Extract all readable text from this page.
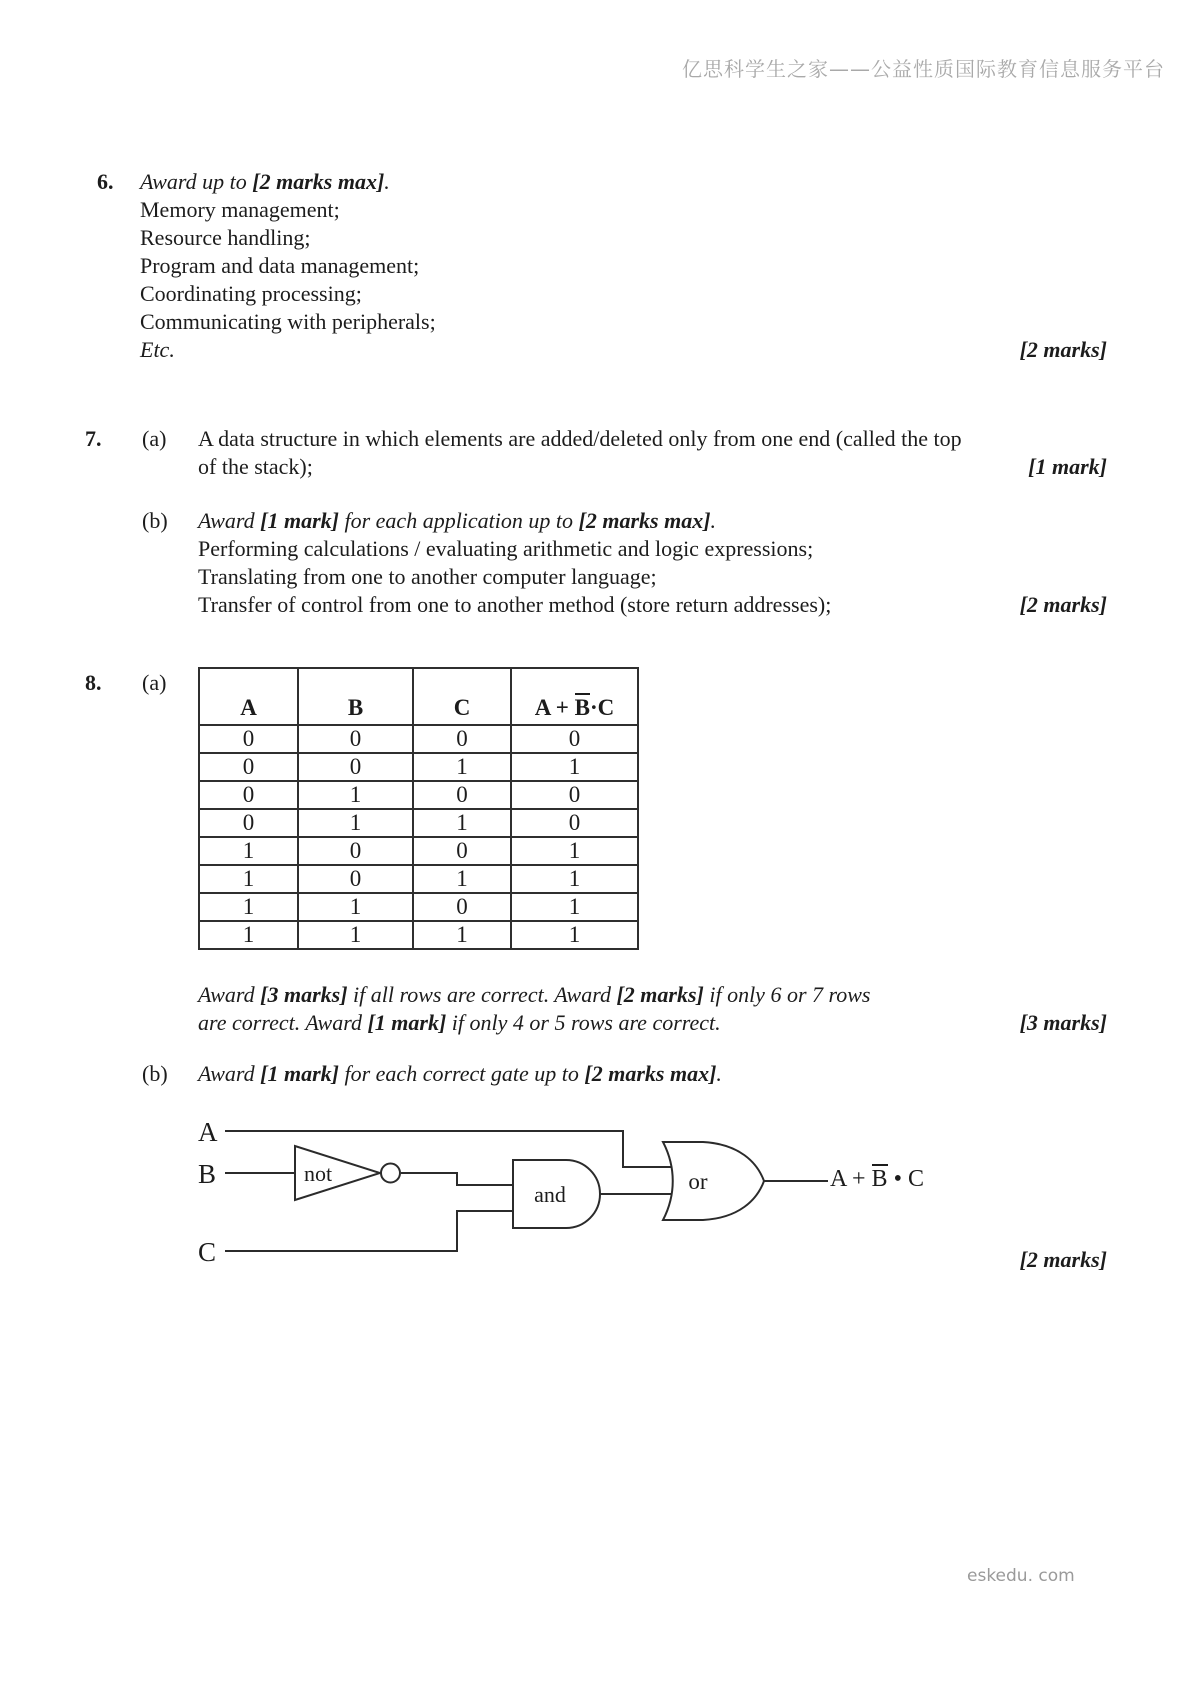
亿思科学生之家——公益性质国际教育信息服务平台
6. Award up to [2 marks max].
Memory management;
Resource handling;
Program and data management;
Coordinating processing;
Communicating with peripherals;
Etc.	[2 marks]
7. (a) A data structure in which elements are added/deleted only from one end (called the top
of the stack);	[1 mark]
(b) Award [1 mark] for each application up to [2 marks max].
Performing calculations / evaluating arithmetic and logic expressions;
Translating from one to another computer language;
Transfer of control from one to another method (store return addresses);	[2 marks]
8. (a)
A	B	C	A + B·C
0	0	0	0
0	0	1	1
0	1	0	0
0	1	1	0
1	0	0	1
1	0	1	1
1	1	0	1
1	1	1	1
Award [3 marks] if all rows are correct. Award [2 marks] if only 6 or 7 rows
are correct. Award [1 mark] if only 4 or 5 rows are correct.	[3 marks]
(b) Award [1 mark] for each correct gate up to [2 marks max].
A
B
C
not
and
or	A + B • C
[2 marks]
eskedu. com
